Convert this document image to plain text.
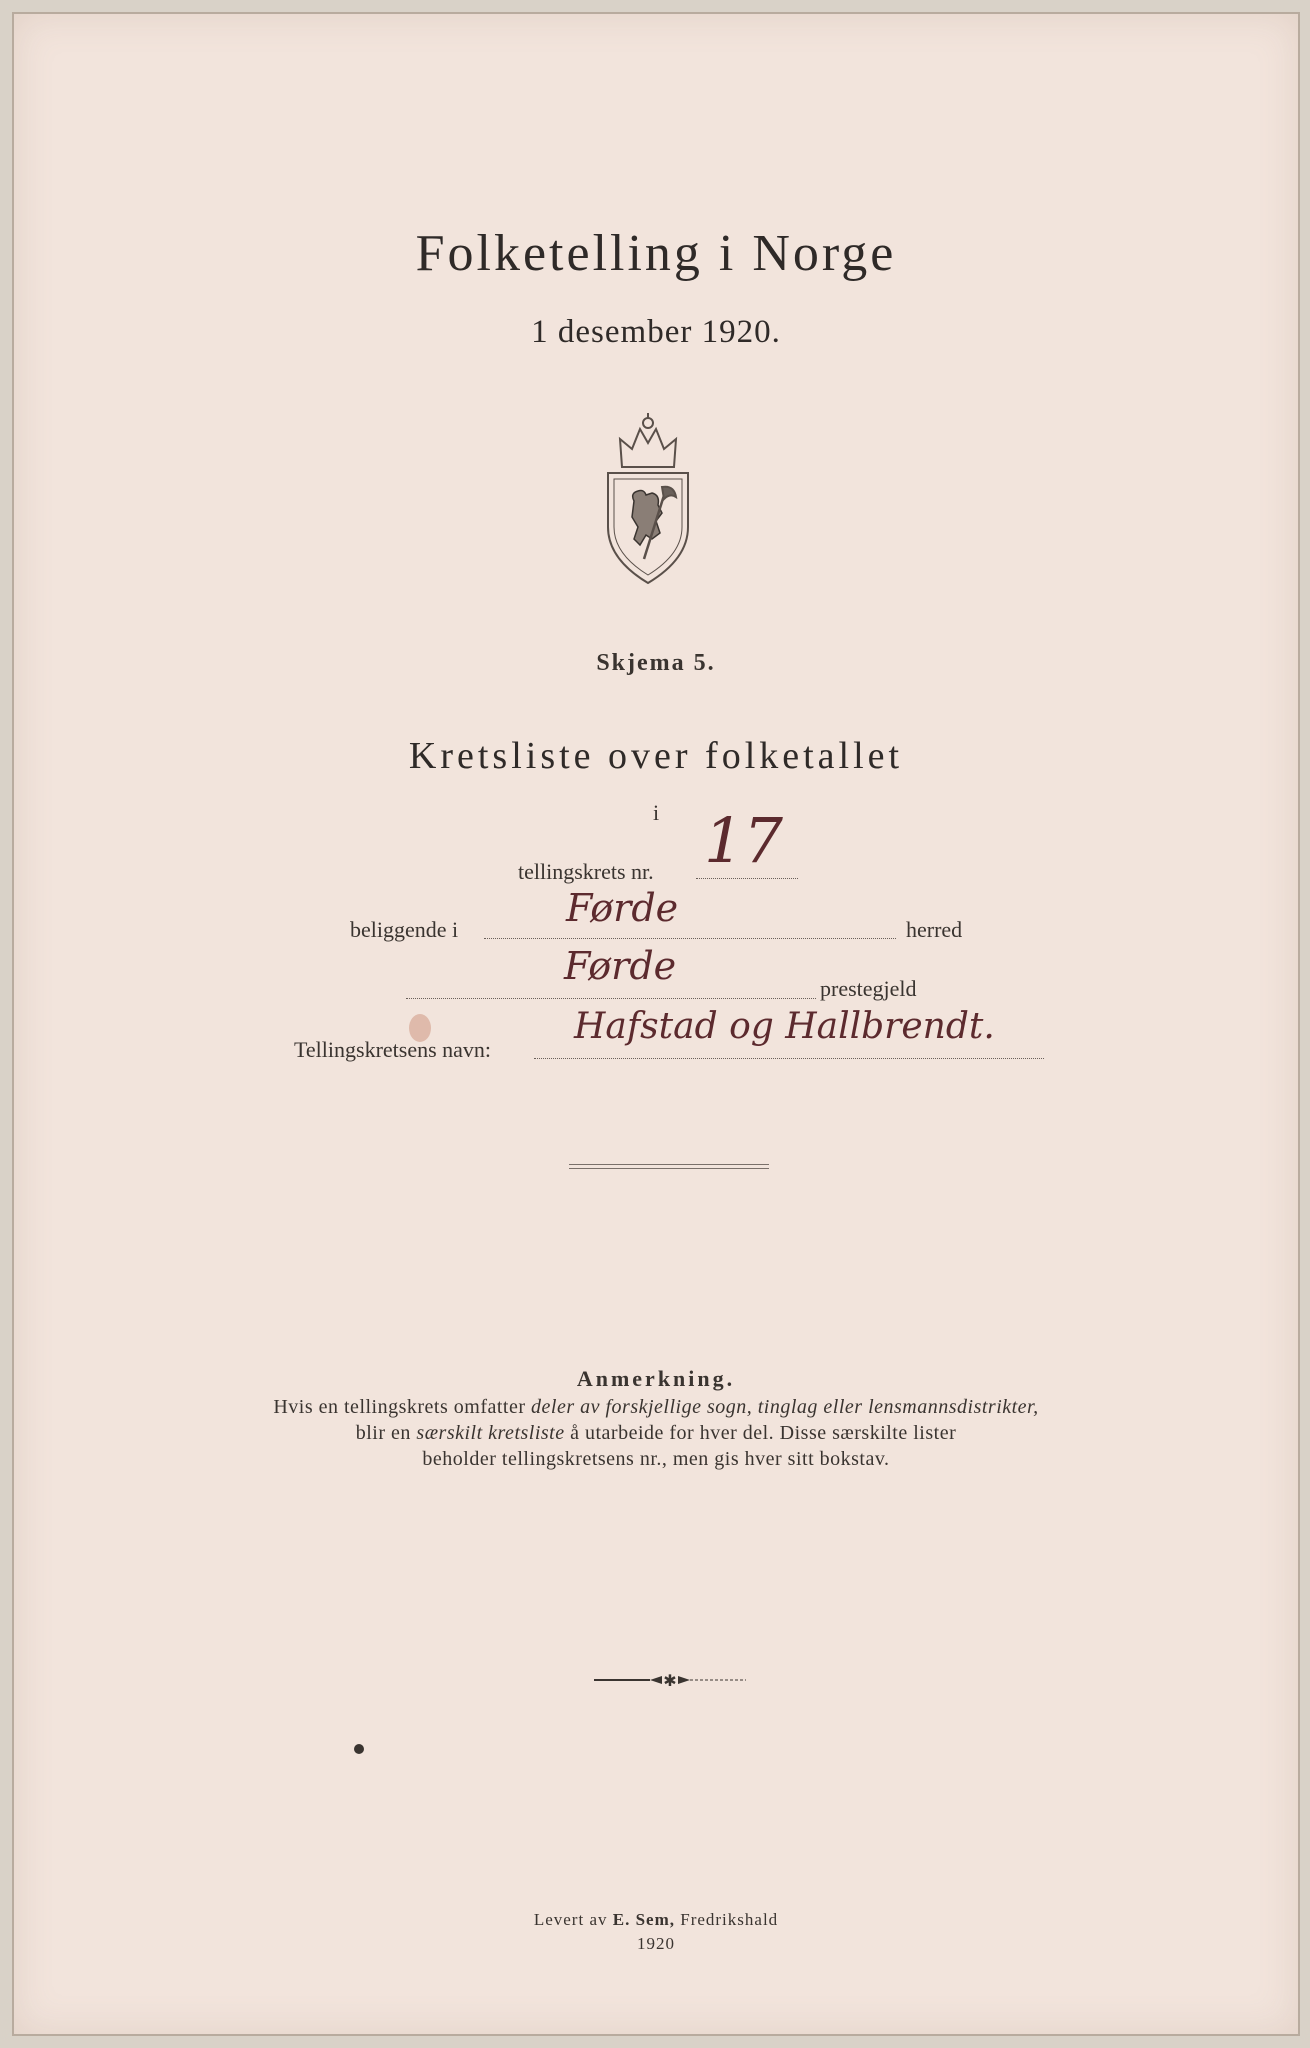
Folketelling i Norge
1 desember 1920.
Skjema 5.
Kretsliste over folketallet
i
tellingskrets nr. 17
beliggende i	Førde	herred
Førde
prestegjeld
Tellingskretsens navn:
Hafstad og Hallbrendt.
Anmerkning.
Hvis en tellingskrets omfatter deler av forskjellige sogn, tinglag eller lensmannsdistrikter,
blir en særskilt kretsliste å utarbeide for hver del. Disse særskilte lister
beholder tellingskretsens nr., men gis hver sitt bokstav.
✱
Levert av E. Sem, Fredrikshald
1920
